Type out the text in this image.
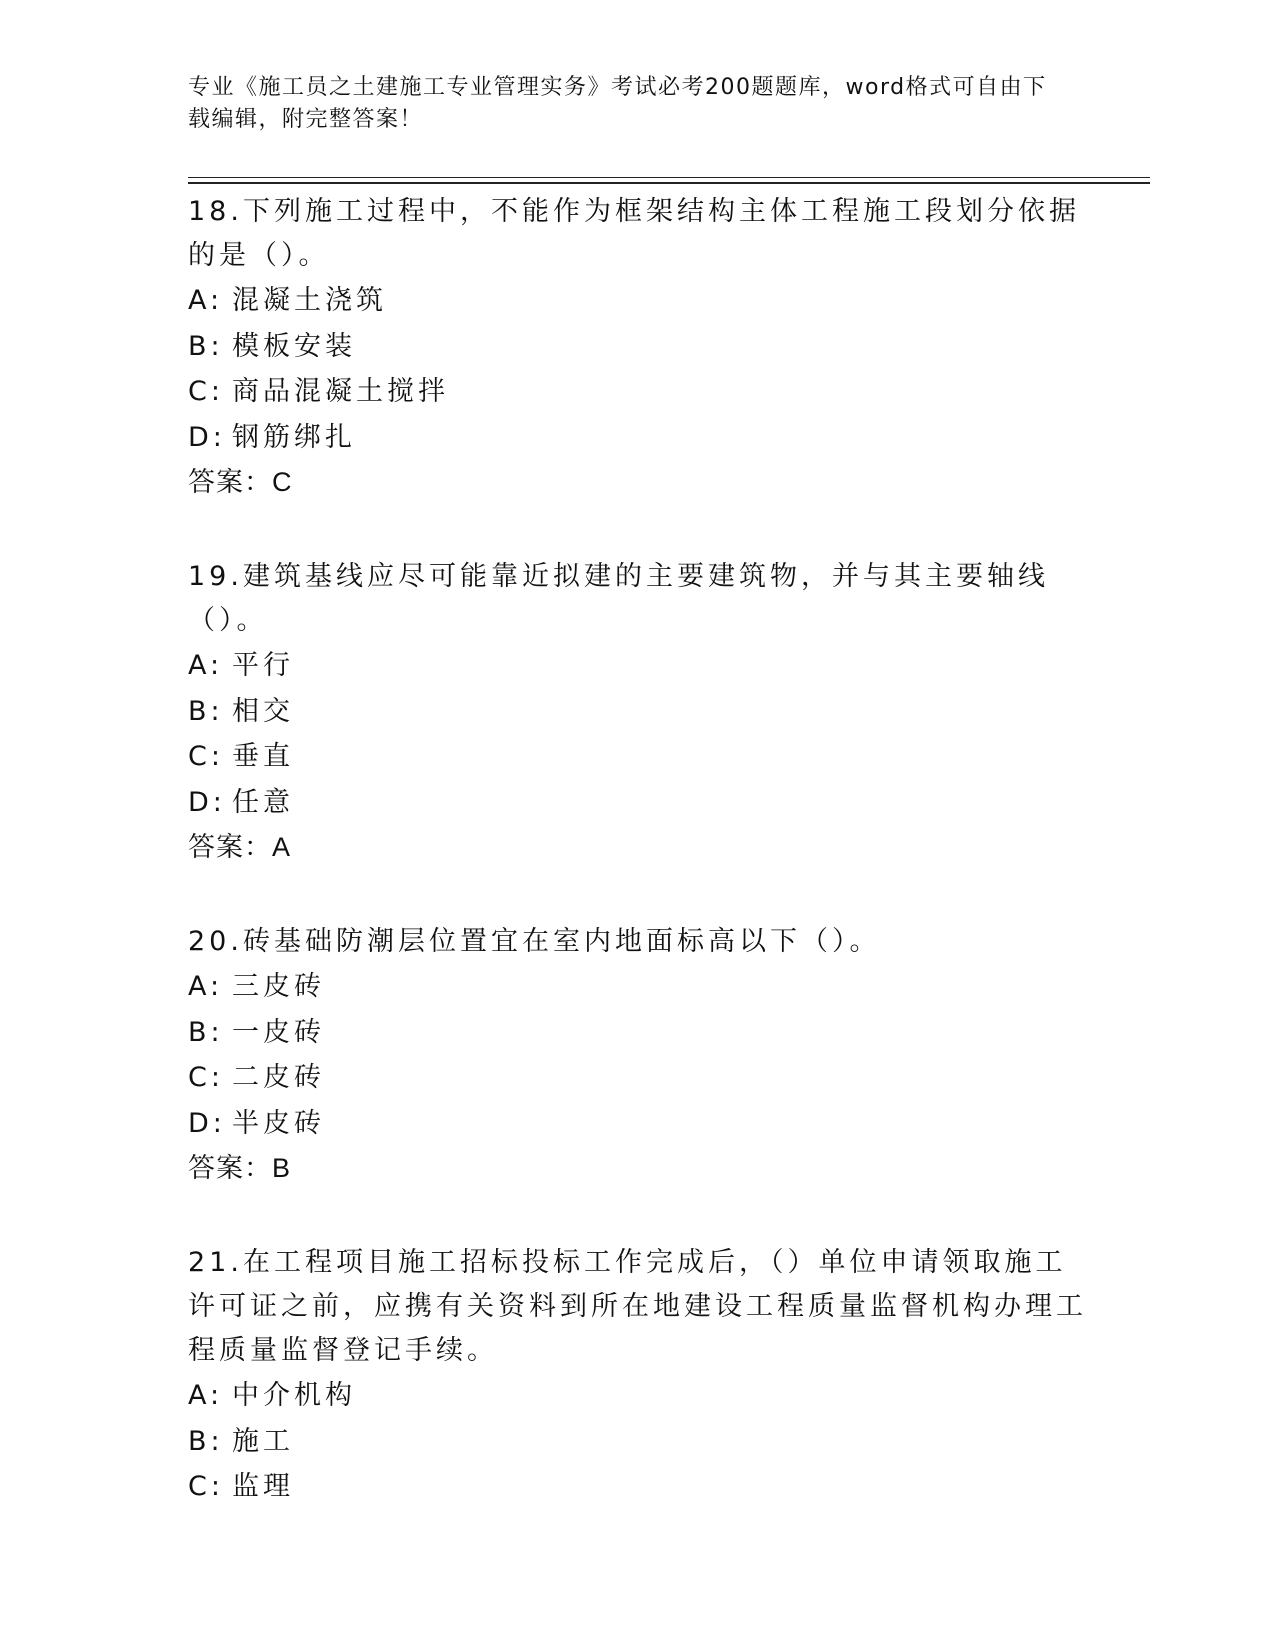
专业《施工员之土建施工专业管理实务》考试必考200题题库，word格式可自由下载编辑，附完整答案！

18.下列施工过程中，不能作为框架结构主体工程施工段划分依据的是（）。

A: 混凝土浇筑
B: 模板安装
C: 商品混凝土搅拌
D: 钢筋绑扎

答案：C

19.建筑基线应尽可能靠近拟建的主要建筑物，并与其主要轴线（）。

A: 平行
B: 相交
C: 垂直
D: 任意

答案：A

20.砖基础防潮层位置宜在室内地面标高以下（）。

A: 三皮砖
B: 一皮砖
C: 二皮砖
D: 半皮砖

答案：B

21.在工程项目施工招标投标工作完成后，（）单位申请领取施工许可证之前，应携有关资料到所在地建设工程质量监督机构办理工程质量监督登记手续。

A: 中介机构
B: 施工
C: 监理
